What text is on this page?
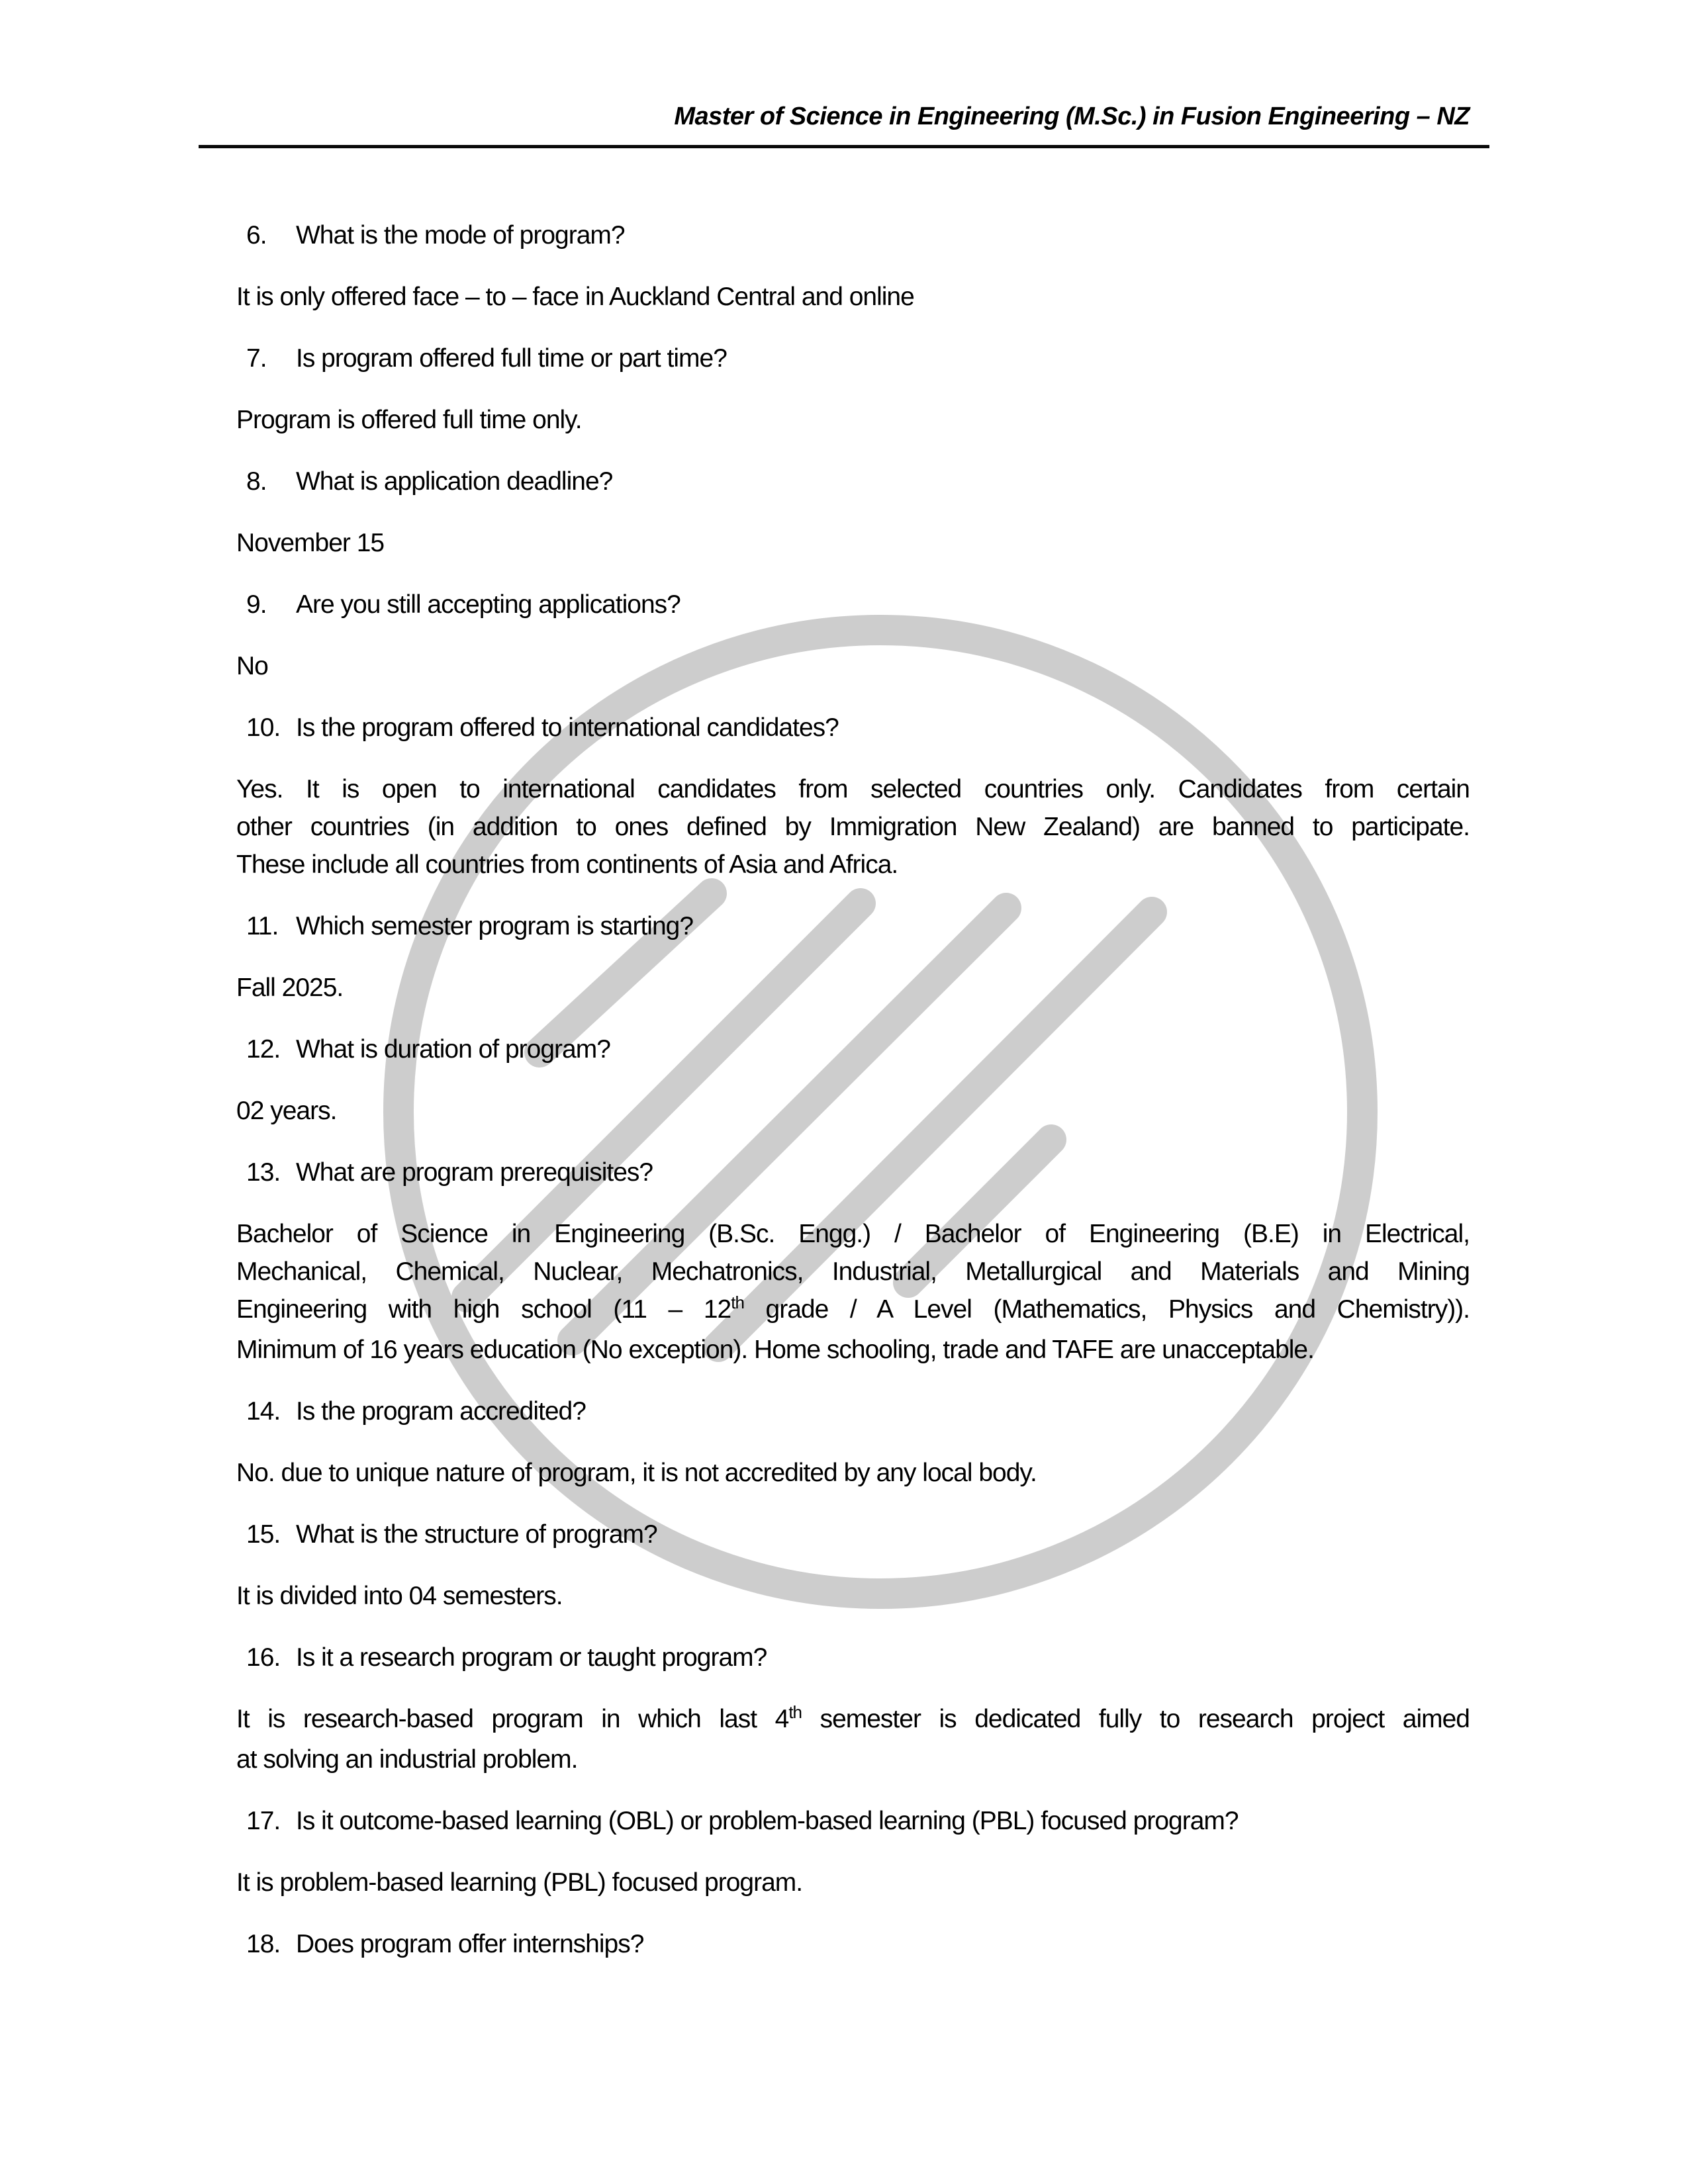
Master of Science in Engineering (M.Sc.) in Fusion Engineering – NZ
6.	What is the mode of program?
It is only offered face – to – face in Auckland Central and online
7.	Is program offered full time or part time?
Program is offered full time only.
8.	What is application deadline?
November 15
9.	Are you still accepting applications?
No
10. Is the program offered to international candidates?
Yes. It is open to international candidates from selected countries only. Candidates from certain
other countries (in addition to ones defined by Immigration New Zealand) are banned to participate.
These include all countries from continents of Asia and Africa.
11. Which semester program is starting?
Fall 2025.
12. What is duration of program?
02 years.
13. What are program prerequisites?
Bachelor of Science in Engineering (B.Sc. Engg.) / Bachelor of Engineering (B.E) in Electrical,
Mechanical, Chemical, Nuclear, Mechatronics, Industrial, Metallurgical and Materials and Mining
Engineering with high school (11 – 12th grade / A Level (Mathematics, Physics and Chemistry)).
Minimum of 16 years education (No exception). Home schooling, trade and TAFE are unacceptable.
14. Is the program accredited?
No. due to unique nature of program, it is not accredited by any local body.
15. What is the structure of program?
It is divided into 04 semesters.
16. Is it a research program or taught program?
It is research-based program in which last 4th semester is dedicated fully to research project aimed
at solving an industrial problem.
17. Is it outcome-based learning (OBL) or problem-based learning (PBL) focused program?
It is problem-based learning (PBL) focused program.
18. Does program offer internships?
